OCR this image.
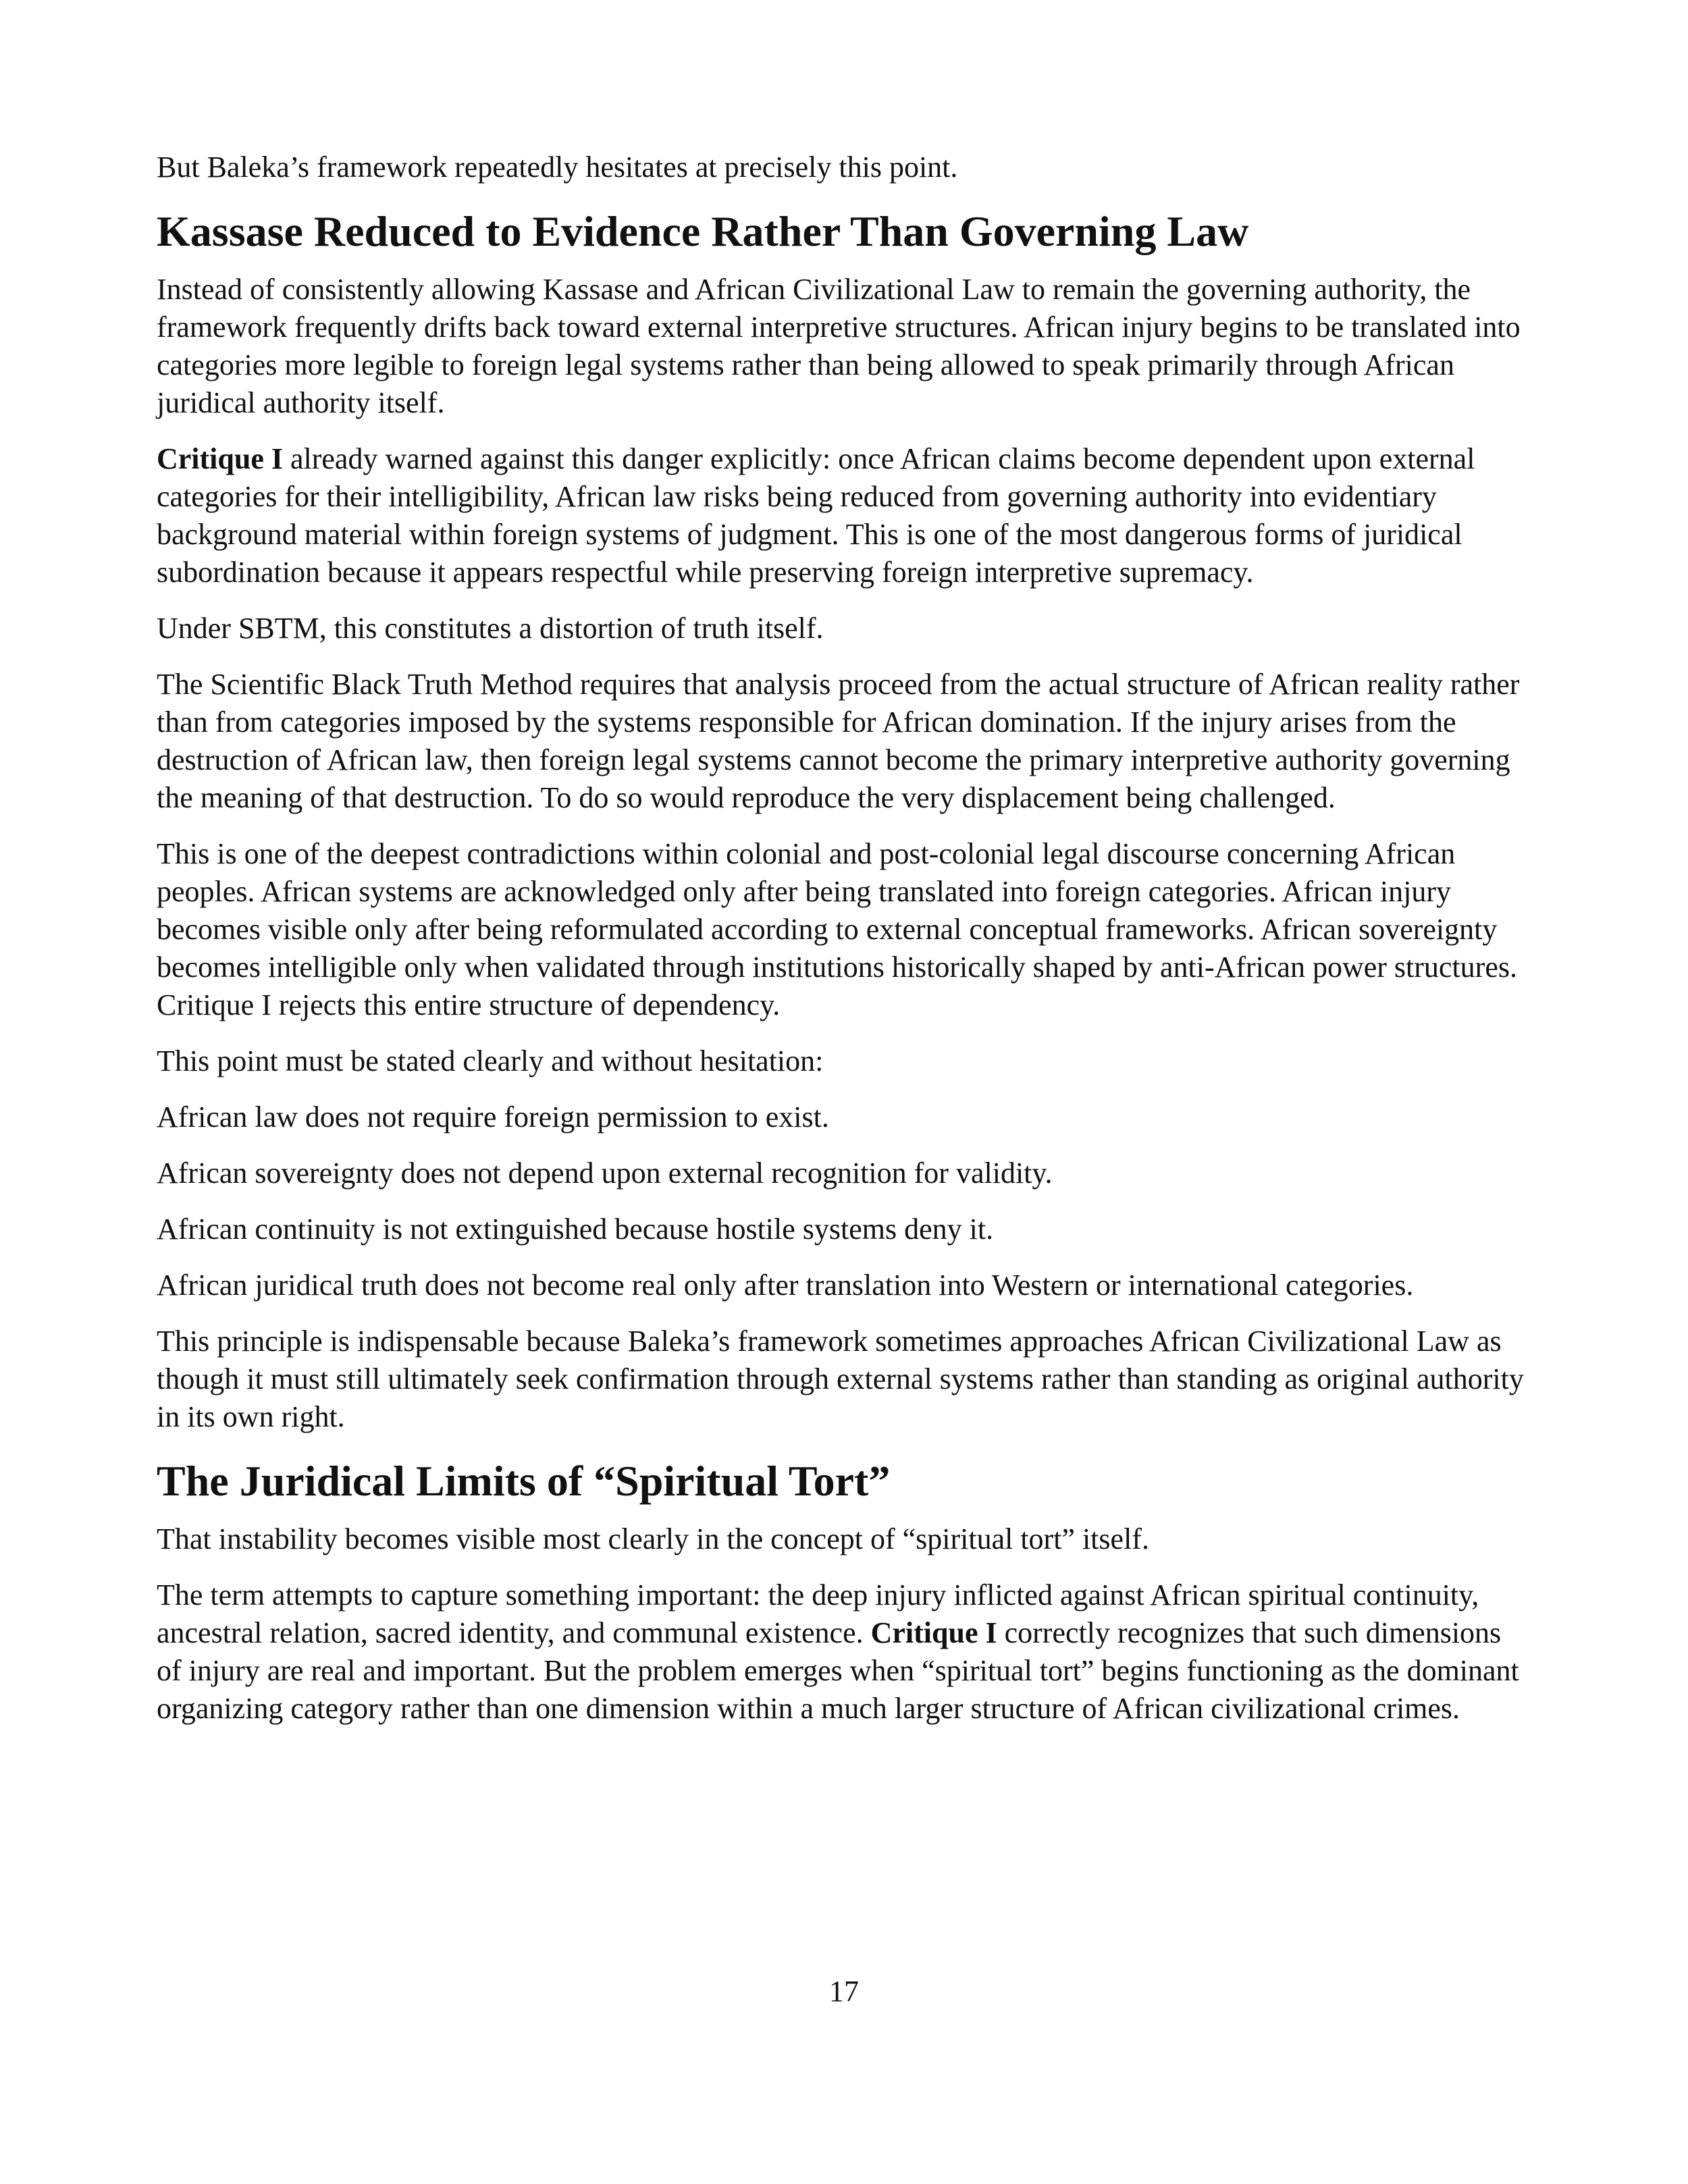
But Baleka’s framework repeatedly hesitates at precisely this point.

Kassase Reduced to Evidence Rather Than Governing Law

Instead of consistently allowing Kassase and African Civilizational Law to remain the governing authority, the framework frequently drifts back toward external interpretive structures. African injury begins to be translated into categories more legible to foreign legal systems rather than being allowed to speak primarily through African juridical authority itself.

Critique I already warned against this danger explicitly: once African claims become dependent upon external categories for their intelligibility, African law risks being reduced from governing authority into evidentiary background material within foreign systems of judgment. This is one of the most dangerous forms of juridical subordination because it appears respectful while preserving foreign interpretive supremacy.

Under SBTM, this constitutes a distortion of truth itself.

The Scientific Black Truth Method requires that analysis proceed from the actual structure of African reality rather than from categories imposed by the systems responsible for African domination. If the injury arises from the destruction of African law, then foreign legal systems cannot become the primary interpretive authority governing the meaning of that destruction. To do so would reproduce the very displacement being challenged.

This is one of the deepest contradictions within colonial and post-colonial legal discourse concerning African peoples. African systems are acknowledged only after being translated into foreign categories. African injury becomes visible only after being reformulated according to external conceptual frameworks. African sovereignty becomes intelligible only when validated through institutions historically shaped by anti-African power structures. Critique I rejects this entire structure of dependency.

This point must be stated clearly and without hesitation:

African law does not require foreign permission to exist.

African sovereignty does not depend upon external recognition for validity.

African continuity is not extinguished because hostile systems deny it.

African juridical truth does not become real only after translation into Western or international categories.

This principle is indispensable because Baleka’s framework sometimes approaches African Civilizational Law as though it must still ultimately seek confirmation through external systems rather than standing as original authority in its own right.

The Juridical Limits of “Spiritual Tort”

That instability becomes visible most clearly in the concept of “spiritual tort” itself.

The term attempts to capture something important: the deep injury inflicted against African spiritual continuity, ancestral relation, sacred identity, and communal existence. Critique I correctly recognizes that such dimensions of injury are real and important. But the problem emerges when “spiritual tort” begins functioning as the dominant organizing category rather than one dimension within a much larger structure of African civilizational crimes.

17
